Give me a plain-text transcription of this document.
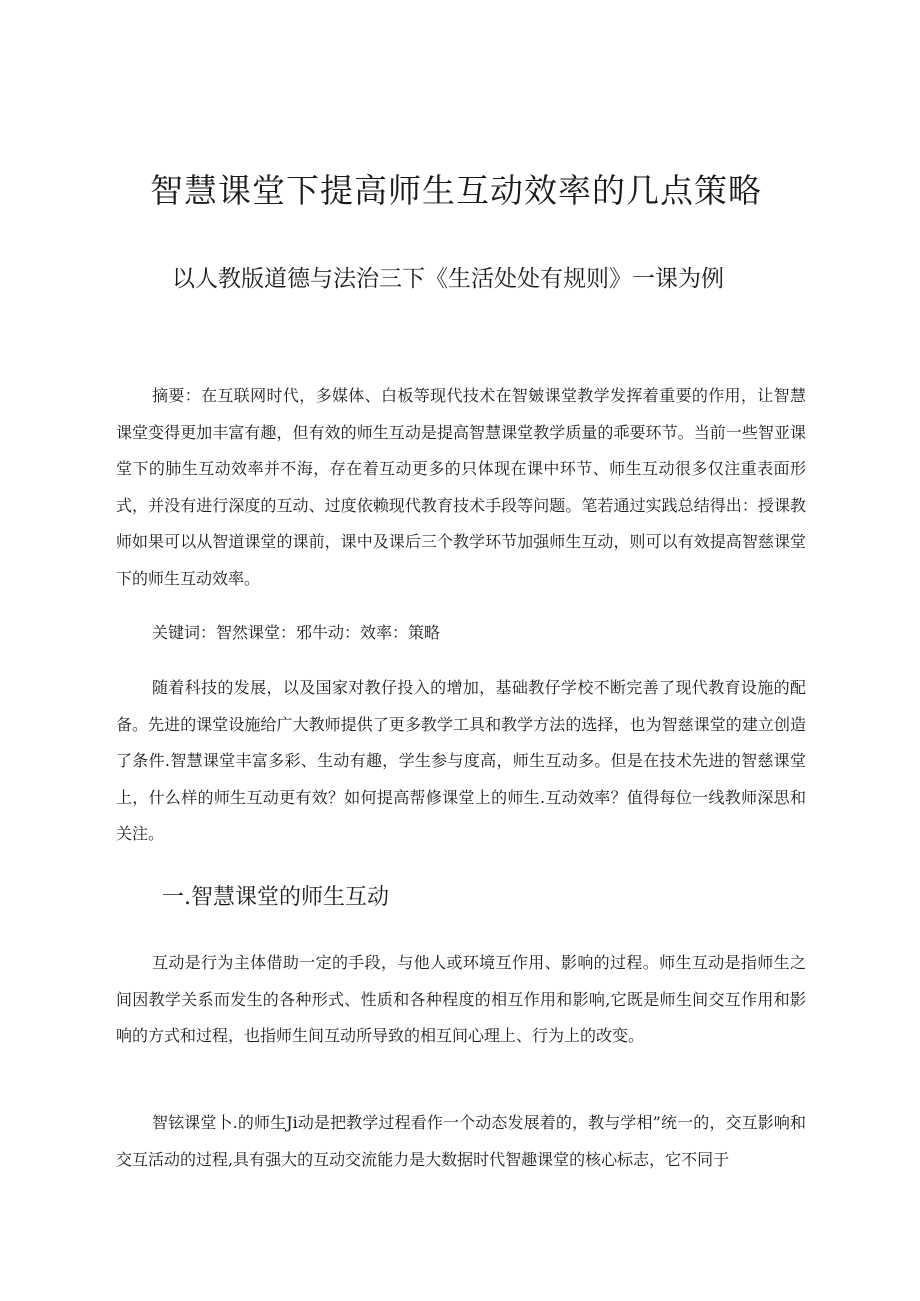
智慧课堂下提高师生互动效率的几点策略
以人教版道德与法治三下《生活处处有规则》一课为例

摘要：在互联网时代，多媒体、白板等现代技术在智皴课堂教学发挥着重要的作用，让智慧课堂变得更加丰富有趣，但有效的师生互动是提高智慧课堂教学质量的乖要环节。当前一些智亚课堂下的肺生互动效率并不海，存在着互动更多的只体现在课中环节、师生互动很多仅注重表面形式，并没有进行深度的互动、过度依赖现代教育技术手段等问题。笔若通过实践总结得出：授课教师如果可以从智道课堂的课前，课中及课后三个教学环节加强师生互动，则可以有效提高智慈课堂下的师生互动效率。

关键词：智然课堂：邪牛动：效率：策略

随着科技的发展，以及国家对教仔投入的增加，基础教仔学校不断完善了现代教育设施的配备。先进的课堂设施给广大教师提供了更多教学工具和教学方法的选择，也为智慈课堂的建立创造了条件.智慧课堂丰富多彩、生动有趣，学生参与度高，师生互动多。但是在技术先进的智慈课堂上，什么样的师生互动更有效？如何提高帮修课堂上的师生.互动效率？值得每位一线教师深思和关注。

一.智慧课堂的师生互动

互动是行为主体借助一定的手段，与他人或环境互作用、影响的过程。师生互动是指师生之间因教学关系而发生的各种形式、性质和各种程度的相互作用和影响,它既是师生间交互作用和影响的方式和过程，也指师生间互动所导致的相互间心理上、行为上的改变。

智铉课堂卜.的师生Ji动是把教学过程看作一个动态发展着的，教与学相”统一的，交互影响和交互活动的过程,具有强大的互动交流能力是大数据时代智趣课堂的核心标志，它不同于
